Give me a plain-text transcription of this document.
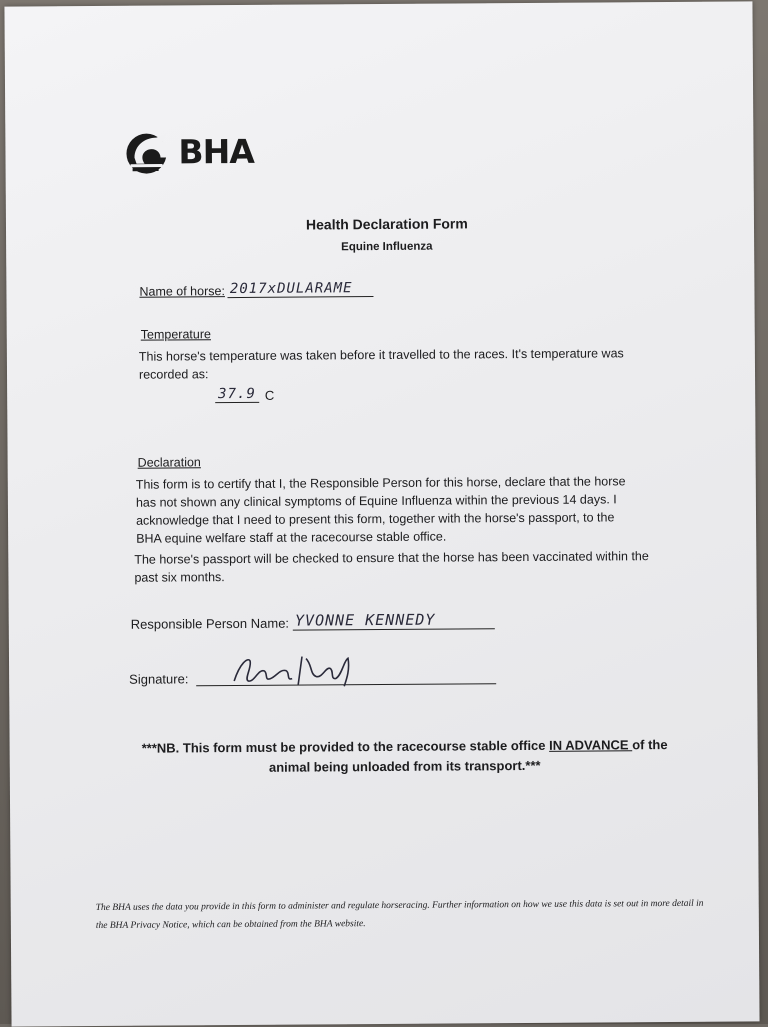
BHA
Health Declaration Form
Equine Influenza
Name of horse: 2017xDULARAME
Temperature
This horse's temperature was taken before it travelled to the races. It's temperature was recorded as:
37.9 C
Declaration
This form is to certify that I, the Responsible Person for this horse, declare that the horse has not shown any clinical symptoms of Equine Influenza within the previous 14 days. I acknowledge that I need to present this form, together with the horse's passport, to the BHA equine welfare staff at the racecourse stable office.
The horse's passport will be checked to ensure that the horse has been vaccinated within the past six months.
Responsible Person Name: YVONNE KENNEDY
Signature:
***NB. This form must be provided to the racecourse stable office IN ADVANCE of the animal being unloaded from its transport.***
The BHA uses the data you provide in this form to administer and regulate horseracing. Further information on how we use this data is set out in more detail in the BHA Privacy Notice, which can be obtained from the BHA website.
